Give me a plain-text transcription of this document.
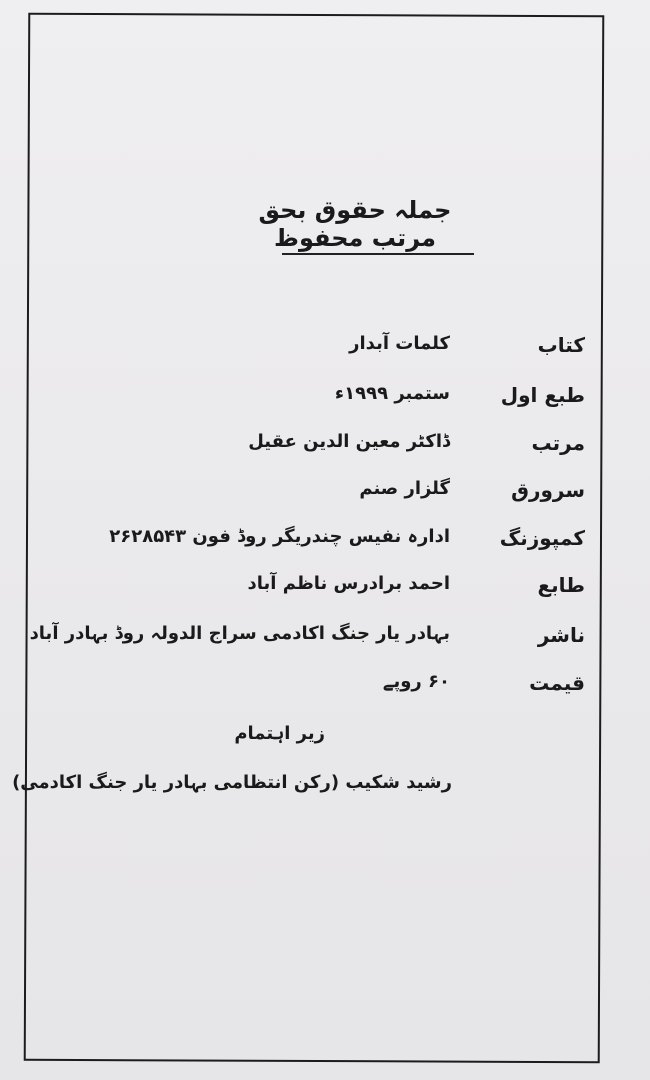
جملہ حقوق بحق مرتب محفوظ
کتاب
کلمات آبدار
طبع اول
ستمبر ۱۹۹۹ء
مرتب
ڈاکٹر معین الدین عقیل
سرورق
گلزار صنم
کمپوزنگ
ادارہ نفیس چندریگر روڈ فون ۲۶۲۸۵۴۳
طابع
احمد برادرس ناظم آباد
ناشر
بہادر یار جنگ اکادمی سراج الدولہ روڈ بہادر آباد
قیمت
۶۰ روپے
زیر اہتمام
رشید شکیب (رکن انتظامی بہادر یار جنگ اکادمی)
